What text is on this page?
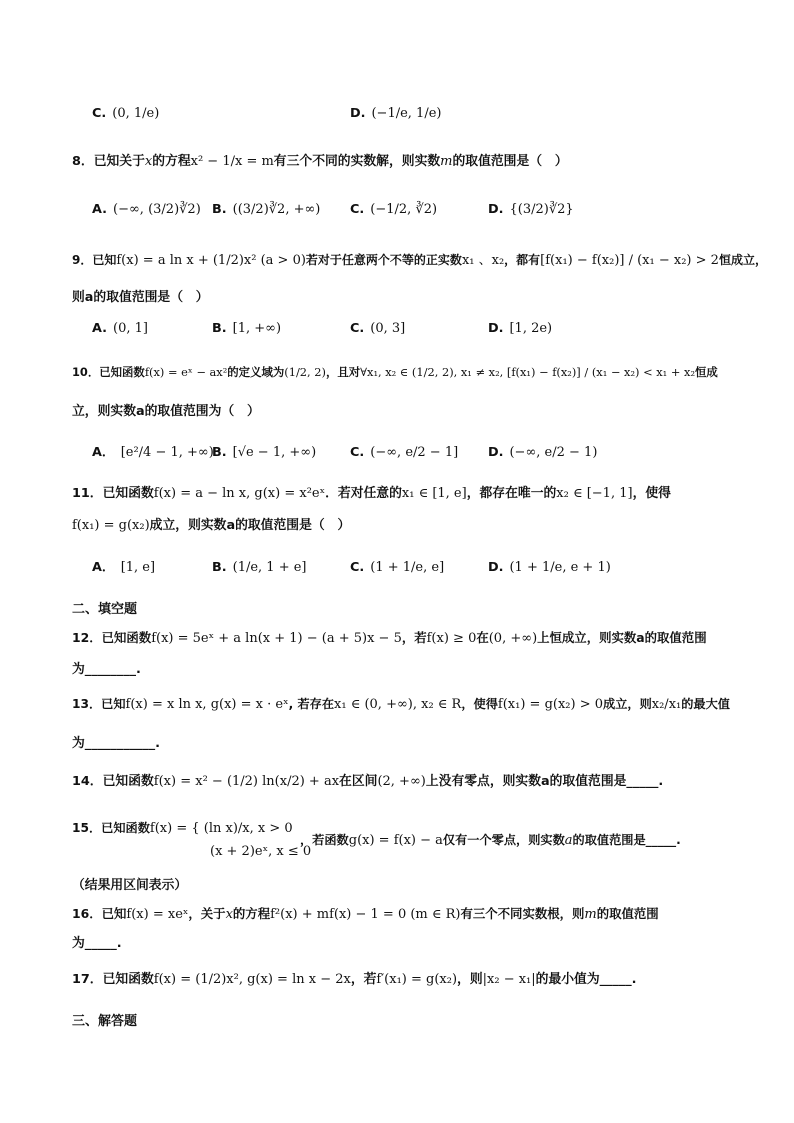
C. (0, 1/e)	D. (−1/e, 1/e)
8．已知关于x的方程x² − 1/x = m有三个不同的实数解，则实数m的取值范围是（　）
A. (−∞, (3/2)∛2) B. ((3/2)∛2, +∞) C. (−1/2, ∛2)	D. {(3/2)∛2}
9．已知f(x) = a ln x + (1/2)x² (a > 0)若对于任意两个不等的正实数x₁ 、x₂，都有[f(x₁) − f(x₂)] / (x₁ − x₂) > 2恒成立，
则a的取值范围是（　）
A. (0, 1]	B. [1, +∞)	C. (0, 3]	D. [1, 2e)
10．已知函数f(x) = eˣ − ax²的定义域为(1/2, 2)，且对∀x₁, x₂ ∈ (1/2, 2), x₁ ≠ x₂, [f(x₁) − f(x₂)] / (x₁ − x₂) < x₁ + x₂恒成
立，则实数a的取值范围为（　）
A． [e²/4 − 1, +∞)
B. [√e − 1, +∞)	C. (−∞, e/2 − 1] D. (−∞, e/2 − 1)
11．已知函数f(x) = a − ln x, g(x) = x²eˣ．若对任意的x₁ ∈ [1, e]，都存在唯一的x₂ ∈ [−1, 1]，使得
f(x₁) = g(x₂)成立，则实数a的取值范围是（　）
A． [1, e]	B. (1/e, 1 + e]	C. (1 + 1/e, e]	D. (1 + 1/e, e + 1)
二、填空题
12．已知函数f(x) = 5eˣ + a ln(x + 1) − (a + 5)x − 5，若f(x) ≥ 0在(0, +∞)上恒成立，则实数a的取值范围
为________.
13．已知f(x) = x ln x, g(x) = x · eˣ, 若存在x₁ ∈ (0, +∞), x₂ ∈ R，使得f(x₁) = g(x₂) > 0成立，则x₂/x₁的最大值
为___________.
14．已知函数f(x) = x² − (1/2) ln(x/2) + ax在区间(2, +∞)上没有零点，则实数a的取值范围是_____.
15．已知函数f(x) = { (ln x)/x, x > 0
(x + 2)eˣ, x ≤ 0
，若函数g(x) = f(x) − a仅有一个零点，则实数a的取值范围是_____.
（结果用区间表示）
16．已知f(x) = xeˣ，关于x的方程f²(x) + mf(x) − 1 = 0 (m ∈ R)有三个不同实数根，则m的取值范围
为_____.
17．已知函数f(x) = (1/2)x², g(x) = ln x − 2x，若f′(x₁) = g(x₂)，则|x₂ − x₁|的最小值为_____.
三、解答题
